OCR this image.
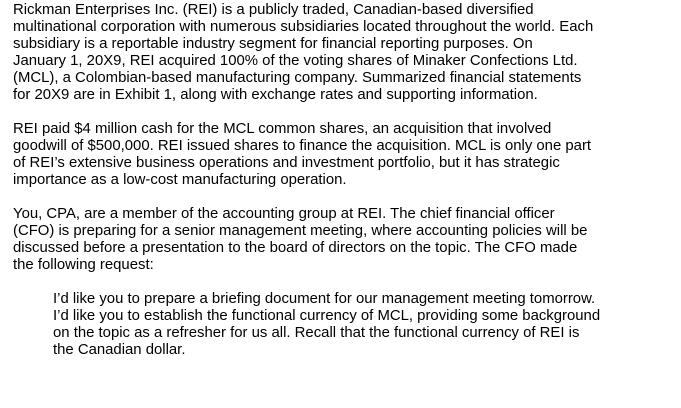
Rickman Enterprises Inc. (REI) is a publicly traded, Canadian-based diversified
multinational corporation with numerous subsidiaries located throughout the world. Each
subsidiary is a reportable industry segment for financial reporting purposes. On
January 1, 20X9, REI acquired 100% of the voting shares of Minaker Confections Ltd.
(MCL), a Colombian-based manufacturing company. Summarized financial statements
for 20X9 are in Exhibit 1, along with exchange rates and supporting information.

REI paid $4 million cash for the MCL common shares, an acquisition that involved
goodwill of $500,000. REI issued shares to finance the acquisition. MCL is only one part
of REI’s extensive business operations and investment portfolio, but it has strategic
importance as a low-cost manufacturing operation.

You, CPA, are a member of the accounting group at REI. The chief financial officer
(CFO) is preparing for a senior management meeting, where accounting policies will be
discussed before a presentation to the board of directors on the topic. The CFO made
the following request:

I’d like you to prepare a briefing document for our management meeting tomorrow.
I’d like you to establish the functional currency of MCL, providing some background
on the topic as a refresher for us all. Recall that the functional currency of REI is
the Canadian dollar.
